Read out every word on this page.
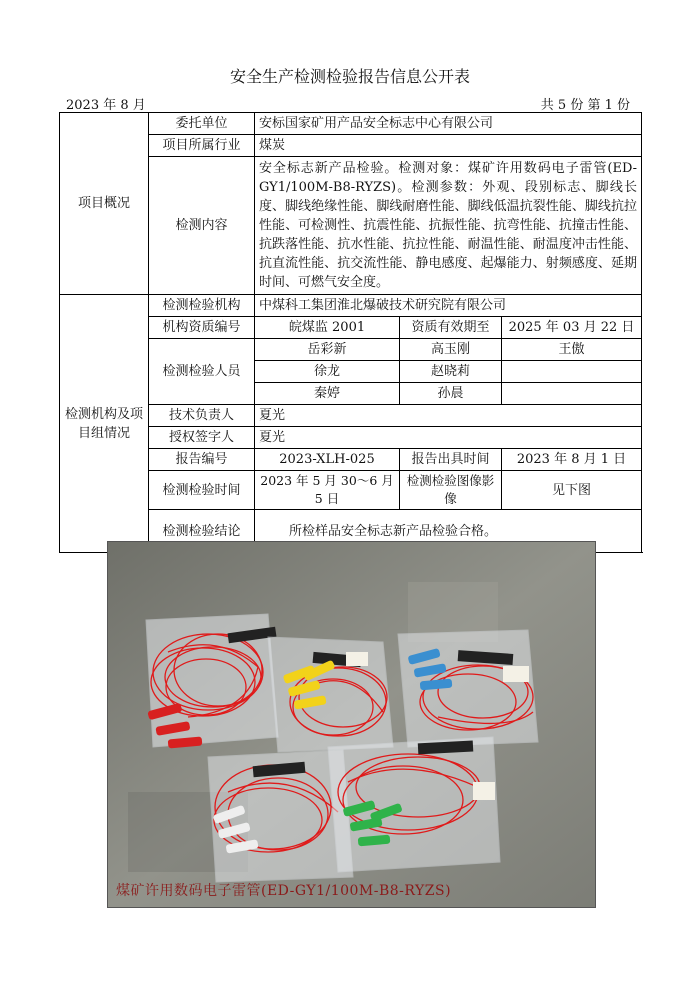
安全生产检测检验报告信息公开表
2023 年 8 月	共 5 份 第 1 份
项目概况	委托单位	安标国家矿用产品安全标志中心有限公司		
	项目所属行业	煤炭		
	检测内容	安全标志新产品检验。检测对象：煤矿许用数码电子雷管(ED-GY1/100M-B8-RYZS)。检测参数：外观、段别标志、脚线长度、脚线绝缘性能、脚线耐磨性能、脚线低温抗裂性能、脚线抗拉性能、可检测性、抗震性能、抗振性能、抗弯性能、抗撞击性能、抗跌落性能、抗水性能、抗拉性能、耐温性能、耐温度冲击性能、抗直流性能、抗交流性能、静电感度、起爆能力、射频感度、延期时间、可燃气安全度。		
检测机构及项目组情况	检测检验机构	中煤科工集团淮北爆破技术研究院有限公司		
	机构资质编号	皖煤监 2001	资质有效期至	2025 年 03 月 22 日
	检测检验人员	岳彩新	高玉刚	王傲
		徐龙	赵晓莉	
		秦婷	孙晨	
	技术负责人	夏光		
	授权签字人	夏光		
	报告编号	2023-XLH-025	报告出具时间	2023 年 8 月 1 日
	检测检验时间	2023 年 5 月 30～6 月 5 日	检测检验图像影像	见下图
	检测检验结论	所检样品安全标志新产品检验合格。		
煤矿许用数码电子雷管(ED-GY1/100M-B8-RYZS)
